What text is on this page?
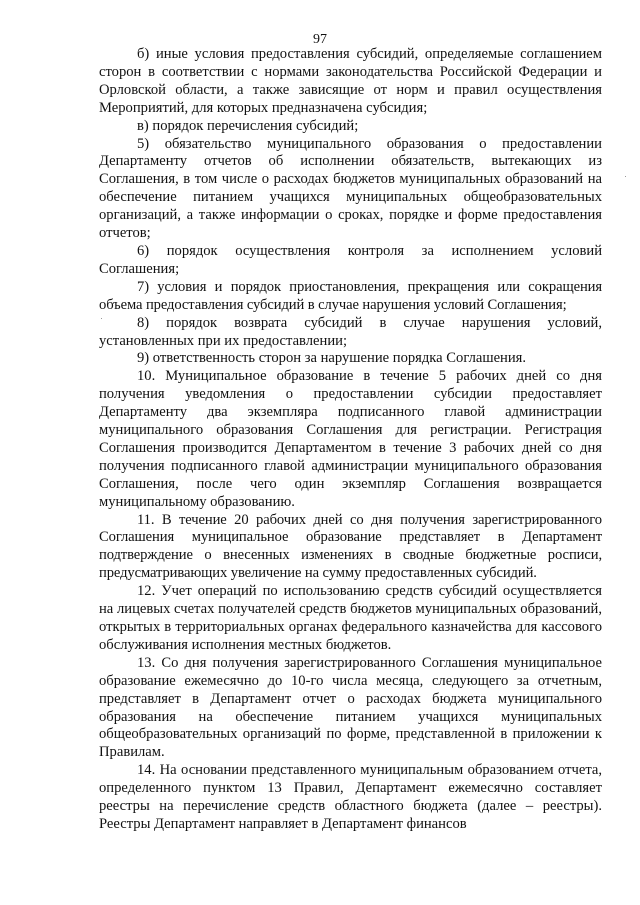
97

б) иные условия предоставления субсидий, определяемые соглашением сторон в соответствии с нормами законодательства Российской Федерации и Орловской области, а также зависящие от норм и правил осуществления Мероприятий, для которых предназначена субсидия;

в) порядок перечисления субсидий;

5) обязательство муниципального образования о предоставлении Департаменту отчетов об исполнении обязательств, вытекающих из Соглашения, в том числе о расходах бюджетов муниципальных образований на обеспечение питанием учащихся муниципальных общеобразовательных организаций, а также информации о сроках, порядке и форме предоставления отчетов;

6) порядок осуществления контроля за исполнением условий Соглашения;

7) условия и порядок приостановления, прекращения или сокращения объема предоставления субсидий в случае нарушения условий Соглашения;

8) порядок возврата субсидий в случае нарушения условий, установленных при их предоставлении;

9) ответственность сторон за нарушение порядка Соглашения.

10. Муниципальное образование в течение 5 рабочих дней со дня получения уведомления о предоставлении субсидии предоставляет Департаменту два экземпляра подписанного главой администрации муниципального образования Соглашения для регистрации. Регистрация Соглашения производится Департаментом в течение 3 рабочих дней со дня получения подписанного главой администрации муниципального образования Соглашения, после чего один экземпляр Соглашения возвращается муниципальному образованию.

11. В течение 20 рабочих дней со дня получения зарегистрированного Соглашения муниципальное образование представляет в Департамент подтверждение о внесенных изменениях в сводные бюджетные росписи, предусматривающих увеличение на сумму предоставленных субсидий.

12. Учет операций по использованию средств субсидий осуществляется на лицевых счетах получателей средств бюджетов муниципальных образований, открытых в территориальных органах федерального казначейства для кассового обслуживания исполнения местных бюджетов.

13. Со дня получения зарегистрированного Соглашения муниципальное образование ежемесячно до 10-го числа месяца, следующего за отчетным, представляет в Департамент отчет о расходах бюджета муниципального образования на обеспечение питанием учащихся муниципальных общеобразовательных организаций по форме, представленной в приложении к Правилам.

14. На основании представленного муниципальным образованием отчета, определенного пунктом 13 Правил, Департамент ежемесячно составляет реестры на перечисление средств областного бюджета (далее – реестры). Реестры Департамент направляет в Департамент финансов
